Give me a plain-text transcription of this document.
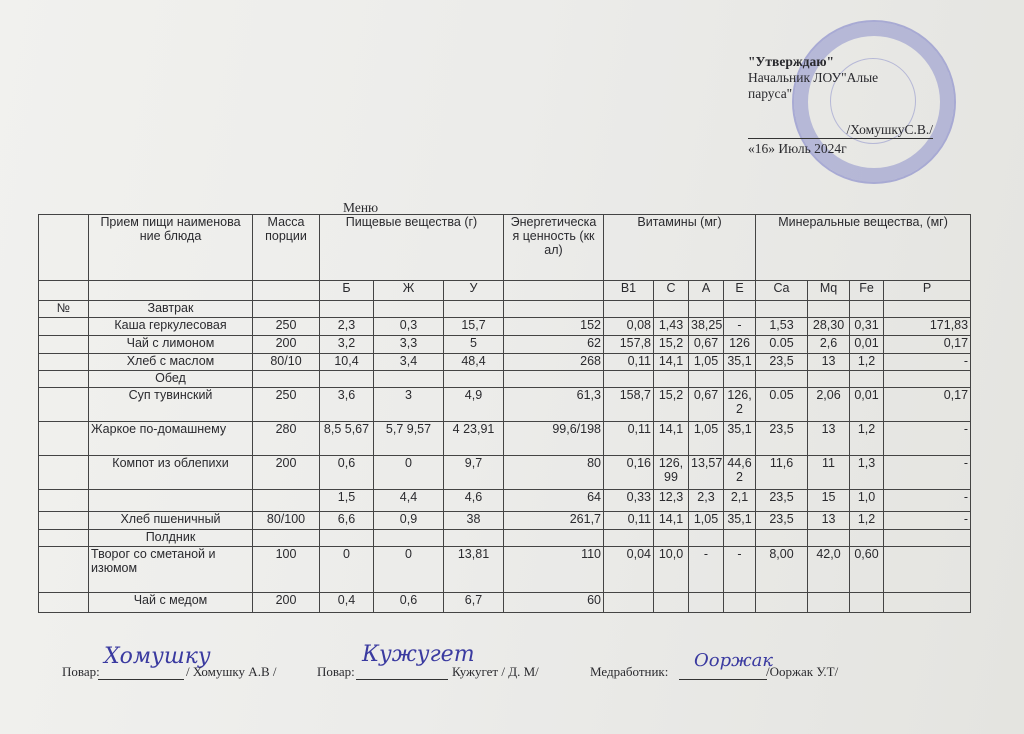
"Утверждаю"
Начальник ЛОУ"Алые
паруса"
/ХомушкуС.В./
«16» Июль 2024г
Меню
	Прием пищи наименова ние блюда	Масса порции	Пищевые вещества (г)			Энергетическа я ценность (кк ал)	Витамины (мг)				Минеральные вещества, (мг)			
			Б	Ж	У		В1	С	А	Е	Ca	Mq	Fe	P
№	Завтрак													
	Каша геркулесовая	250	2,3	0,3	15,7	152	0,08	1,43	38,25	-	1,53	28,30	0,31	171,83
	Чай с лимоном	200	3,2	3,3	5	62	157,8	15,2	0,67	126	0.05	2,6	0,01	0,17
	Хлеб с маслом	80/10	10,4	3,4	48,4	268	0,11	14,1	1,05	35,1	23,5	13	1,2	-
	Обед													
	Суп тувинский	250	3,6	3	4,9	61,3	158,7	15,2	0,67	126, 2	0.05	2,06	0,01	0,17
	Жаркое по-домашнему	280	8,5 5,67	5,7 9,57	4 23,91	99,6/198	0,11	14,1	1,05	35,1	23,5	13	1,2	-
	Компот из облепихи	200	0,6	0	9,7	80	0,16	126, 99	13,57	44,6 2	11,6	11	1,3	-
			1,5	4,4	4,6	64	0,33	12,3	2,3	2,1	23,5	15	1,0	-
	Хлеб пшеничный	80/100	6,6	0,9	38	261,7	0,11	14,1	1,05	35,1	23,5	13	1,2	-
	Полдник													
	Творог со сметаной и изюмом	100	0	0	13,81	110	0,04	10,0	-	-	8,00	42,0	0,60	
	Чай с медом	200	0,4	0,6	6,7	60								
Повар:
Хомушку
/ Хомушку А.В /	Повар:
Кужугет
Кужугет / Д. М/	Медработник:
Ооржак
/Ооржак У.Т/
